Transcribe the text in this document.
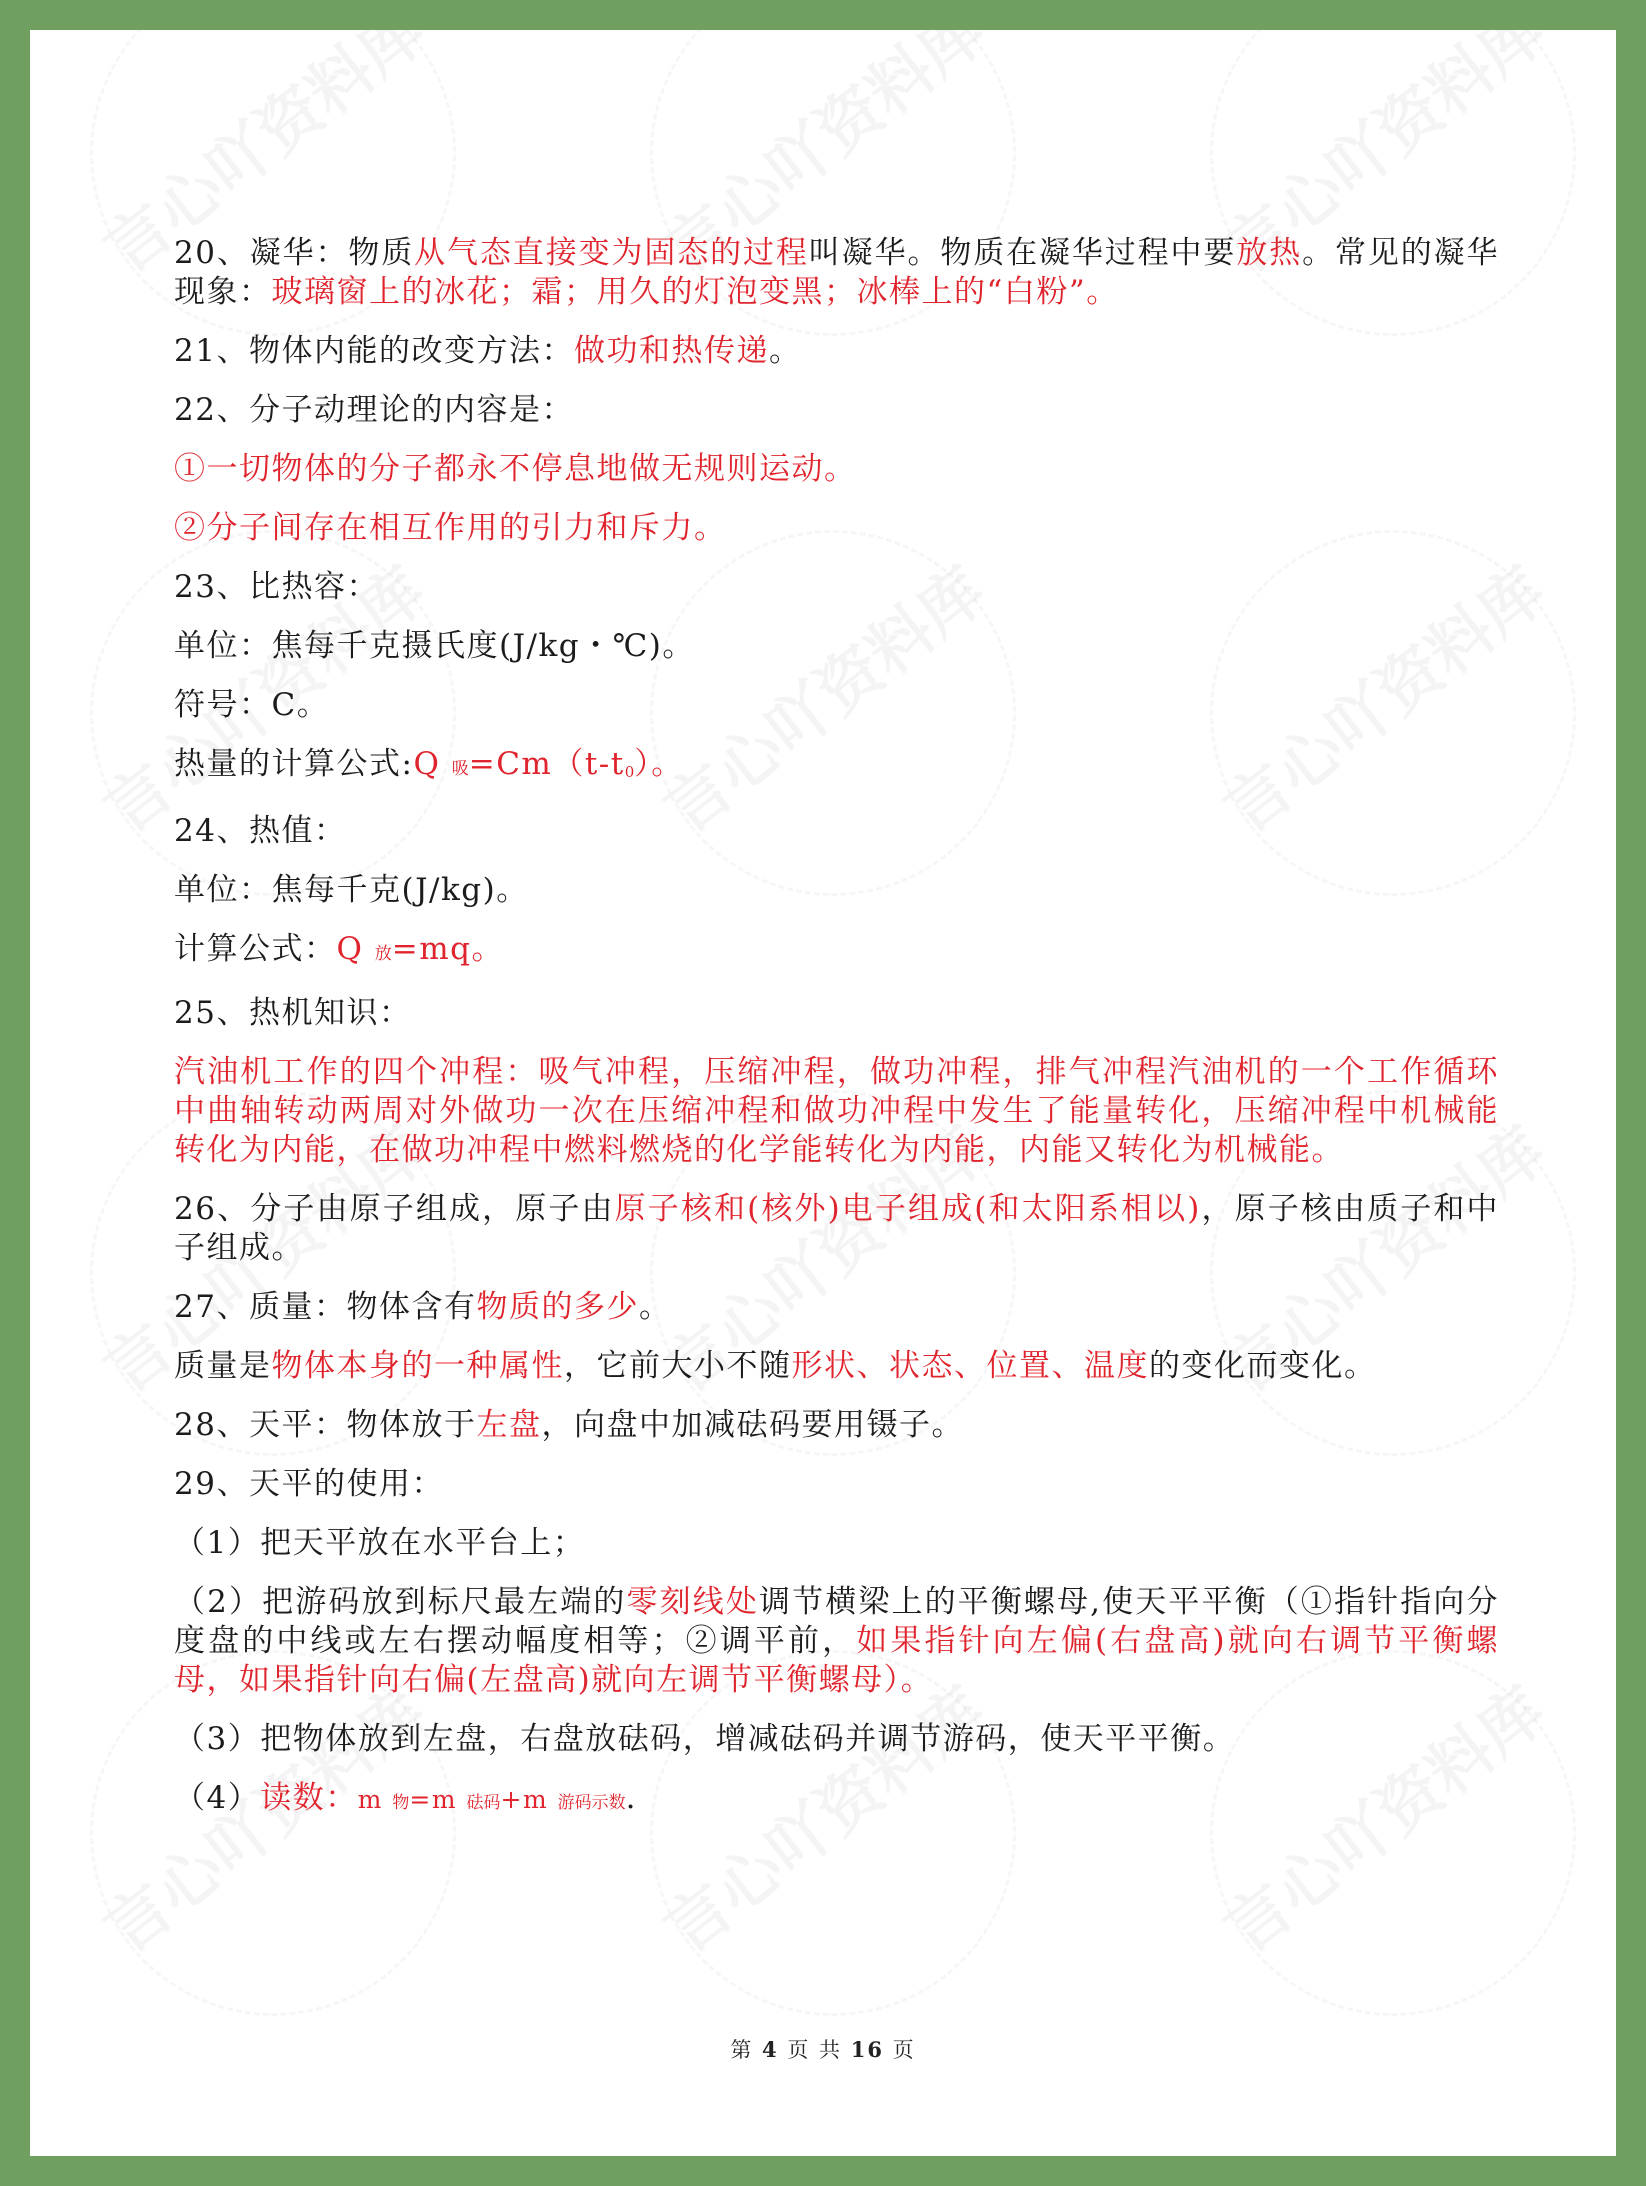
20、凝华：物质从气态直接变为固态的过程叫凝华。物质在凝华过程中要放热。常见的凝华现象：玻璃窗上的冰花；霜；用久的灯泡变黑；冰棒上的“白粉”。

21、物体内能的改变方法：做功和热传递。

22、分子动理论的内容是：

①一切物体的分子都永不停息地做无规则运动。

②分子间存在相互作用的引力和斥力。

23、比热容：

单位：焦每千克摄氏度(J/kg・℃)。

符号：C。

热量的计算公式:Q 吸=Cm（t-t0）。

24、热值：

单位：焦每千克(J/kg)。

计算公式：Q 放=mq。

25、热机知识：

汽油机工作的四个冲程：吸气冲程，压缩冲程，做功冲程，排气冲程汽油机的一个工作循环中曲轴转动两周对外做功一次在压缩冲程和做功冲程中发生了能量转化，压缩冲程中机械能转化为内能，在做功冲程中燃料燃烧的化学能转化为内能，内能又转化为机械能。

26、分子由原子组成，原子由原子核和(核外)电子组成(和太阳系相以)，原子核由质子和中子组成。

27、质量：物体含有物质的多少。

质量是物体本身的一种属性，它前大小不随形状、状态、位置、温度的变化而变化。

28、天平：物体放于左盘，向盘中加减砝码要用镊子。

29、天平的使用：

（1）把天平放在水平台上；

（2）把游码放到标尺最左端的零刻线处调节横梁上的平衡螺母,使天平平衡（①指针指向分度盘的中线或左右摆动幅度相等；②调平前，如果指针向左偏(右盘高)就向右调节平衡螺母，如果指针向右偏(左盘高)就向左调节平衡螺母）。

（3）把物体放到左盘，右盘放砝码，增减砝码并调节游码，使天平平衡。

（4）读数：m 物=m 砝码+m 游码示数.

第 4 页 共 16 页
